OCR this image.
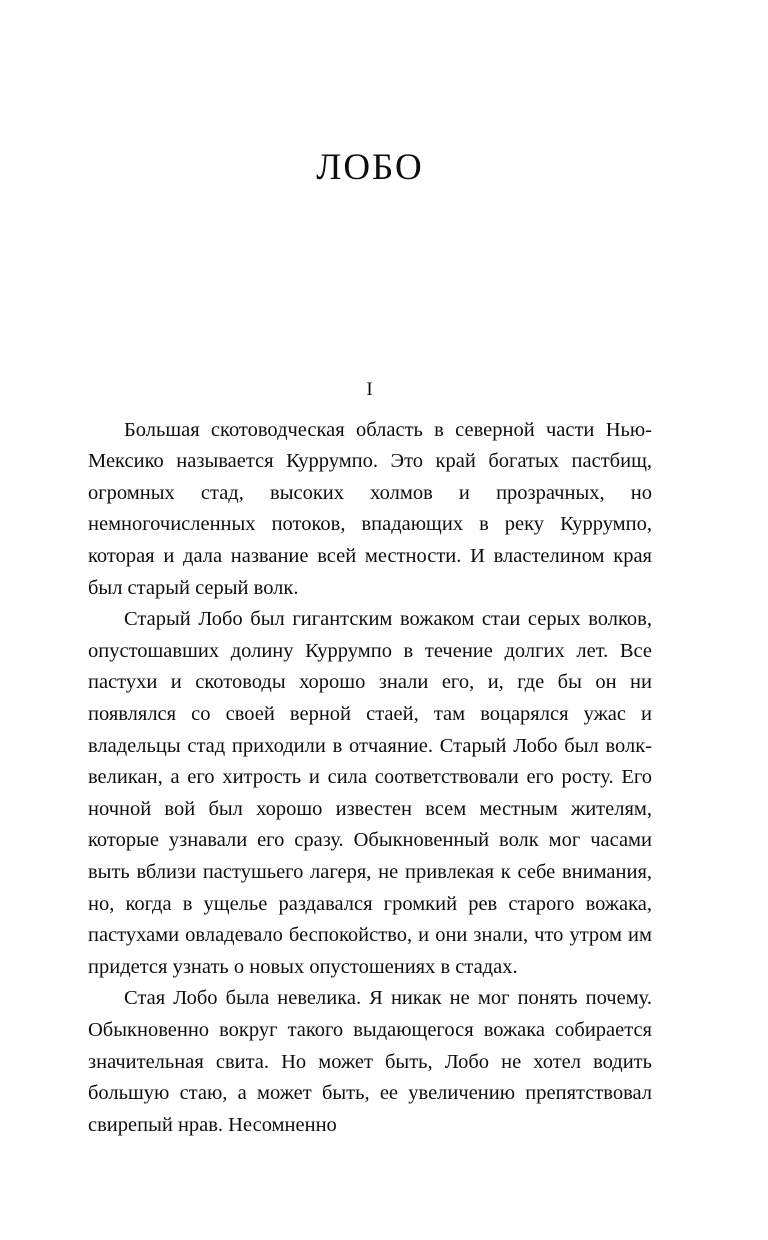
ЛОБО
I

Большая скотоводческая область в северной части Нью-Мексико называется Куррумпо. Это край богатых пастбищ, огромных стад, высоких холмов и прозрачных, но немногочисленных потоков, впадающих в реку Куррумпо, которая и дала название всей местности. И властелином края был старый серый волк.

Старый Лобо был гигантским вожаком стаи серых волков, опустошавших долину Куррумпо в течение долгих лет. Все пастухи и скотоводы хорошо знали его, и, где бы он ни появлялся со своей верной стаей, там воцарялся ужас и владельцы стад приходили в отчаяние. Старый Лобо был волк-великан, а его хитрость и сила соответствовали его росту. Его ночной вой был хорошо известен всем местным жителям, которые узнавали его сразу. Обыкновенный волк мог часами выть вблизи пастушьего лагеря, не привлекая к себе внимания, но, когда в ущелье раздавался громкий рев старого вожака, пастухами овладевало беспокойство, и они знали, что утром им придется узнать о новых опустошениях в стадах.

Стая Лобо была невелика. Я никак не мог понять почему. Обыкновенно вокруг такого выдающегося вожака собирается значительная свита. Но может быть, Лобо не хотел водить большую стаю, а может быть, ее увеличению препятствовал свирепый нрав. Несомненно
